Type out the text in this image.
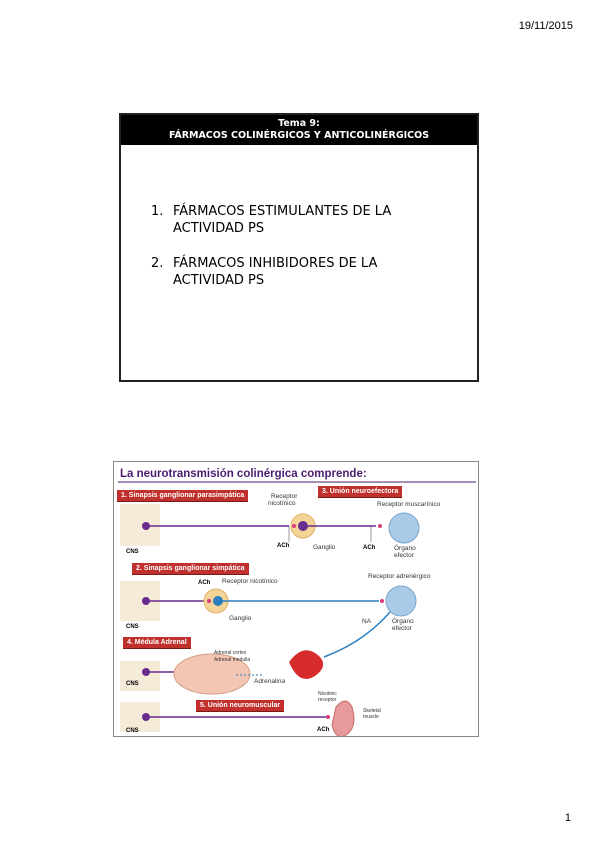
19/11/2015
Tema 9:
FÁRMACOS COLINÉRGICOS Y ANTICOLINÉRGICOS
1. FÁRMACOS ESTIMULANTES DE LA ACTIVIDAD PS
2. FÁRMACOS INHIBIDORES DE LA ACTIVIDAD PS
La neurotransmisión colinérgica comprende:
1. Sinapsis ganglionar parasimpática
3. Unión neuroefectora
2. Sinapsis ganglionar simpática
4. Médula Adrenal
5. Unión neuromuscular
CNS
CNS
CNS
CNS
Receptor
nicotínico	Receptor muscarínico
ACh	Ganglio	ACh	Órgano
efector
ACh Receptor nicotínico
Receptor adrenérgico
Ganglio	NA	Órgano
efector
Adrenal cortex
Adrenal medulla
Adrenalina
Nicotinic
receptor
Skeletal
muscle
ACh
1
